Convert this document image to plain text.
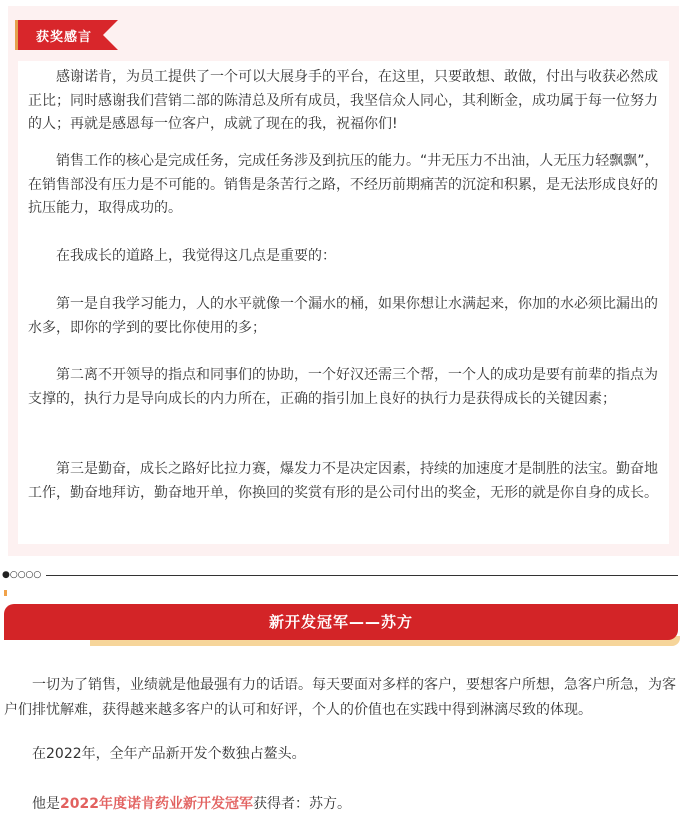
获奖感言

感谢诺肯，为员工提供了一个可以大展身手的平台，在这里，只要敢想、敢做，付出与收获必然成正比；同时感谢我们营销二部的陈清总及所有成员，我坚信众人同心，其利断金，成功属于每一位努力的人；再就是感恩每一位客户，成就了现在的我，祝福你们!

销售工作的核心是完成任务，完成任务涉及到抗压的能力。“井无压力不出油，人无压力轻飘飘”，在销售部没有压力是不可能的。销售是条苦行之路，不经历前期痛苦的沉淀和积累，是无法形成良好的抗压能力，取得成功的。

在我成长的道路上，我觉得这几点是重要的：

第一是自我学习能力，人的水平就像一个漏水的桶，如果你想让水满起来，你加的水必须比漏出的水多，即你的学到的要比你使用的多；

第二离不开领导的指点和同事们的协助，一个好汉还需三个帮，一个人的成功是要有前辈的指点为支撑的，执行力是导向成长的内力所在，正确的指引加上良好的执行力是获得成长的关键因素；

第三是勤奋，成长之路好比拉力赛，爆发力不是决定因素，持续的加速度才是制胜的法宝。勤奋地工作，勤奋地拜访，勤奋地开单，你换回的奖赏有形的是公司付出的奖金，无形的就是你自身的成长。

●○○○○
新开发冠军——苏方

一切为了销售，业绩就是他最强有力的话语。每天要面对多样的客户，要想客户所想，急客户所急，为客户们排忧解难，获得越来越多客户的认可和好评，个人的价值也在实践中得到淋漓尽致的体现。

在2022年，全年产品新开发个数独占鳌头。

他是2022年度诺肯药业新开发冠军获得者：苏方。
